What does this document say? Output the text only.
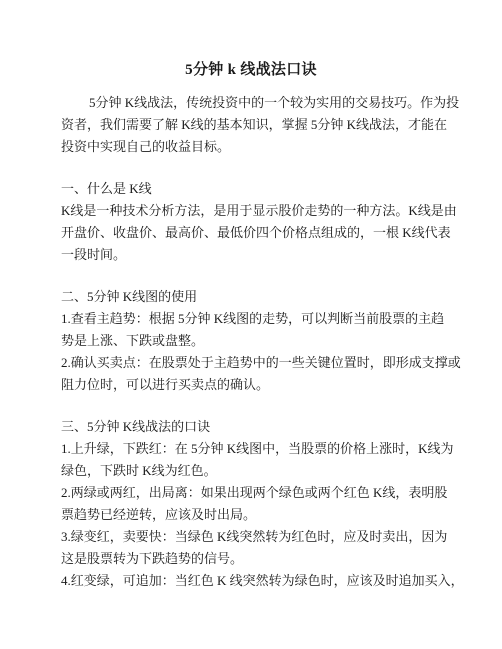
5分钟 k 线战法口诀
5分钟 K线战法，传统投资中的一个较为实用的交易技巧。作为投
资者，我们需要了解 K线的基本知识，掌握 5分钟 K线战法，才能在
投资中实现自己的收益目标。
一、什么是 K线
K线是一种技术分析方法，是用于显示股价走势的一种方法。K线是由
开盘价、收盘价、最高价、最低价四个价格点组成的，一根 K线代表
一段时间。
二、5分钟 K线图的使用
1.查看主趋势：根据 5分钟 K线图的走势，可以判断当前股票的主趋
势是上涨、下跌或盘整。
2.确认买卖点：在股票处于主趋势中的一些关键位置时，即形成支撑或
阻力位时，可以进行买卖点的确认。
三、5分钟 K线战法的口诀
1.上升绿，下跌红：在 5分钟 K线图中，当股票的价格上涨时，K线为
绿色，下跌时 K线为红色。
2.两绿或两红，出局离：如果出现两个绿色或两个红色 K线，表明股
票趋势已经逆转，应该及时出局。
3.绿变红，卖要快：当绿色 K线突然转为红色时，应及时卖出，因为
这是股票转为下跌趋势的信号。
4.红变绿，可追加：当红色 K 线突然转为绿色时，应该及时追加买入，
